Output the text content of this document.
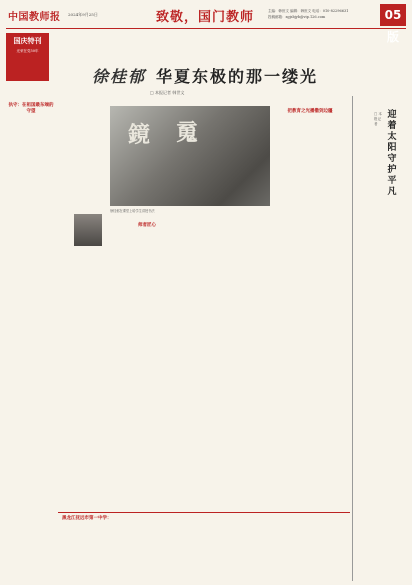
中国教师报 2024年9月25日	致敬，国门教师	主编：韩世文 编辑：韩世文 电话：010-82296631
投稿邮箱：zgjsbjyb@vip.126.com	05版
国庆特刊
光荣在党50年
徐桂郁 华夏东极的那一缕光
□ 本报记者 韩世文
执守：在祖国最东端的守望
鏡 䰟
徐桂郁在课堂上给学生讲授书法
师者匠心
把教育之光播撒到边疆	迎着太阳守护平凡
□ 本报记者
黑龙江抚远市第一中学：
